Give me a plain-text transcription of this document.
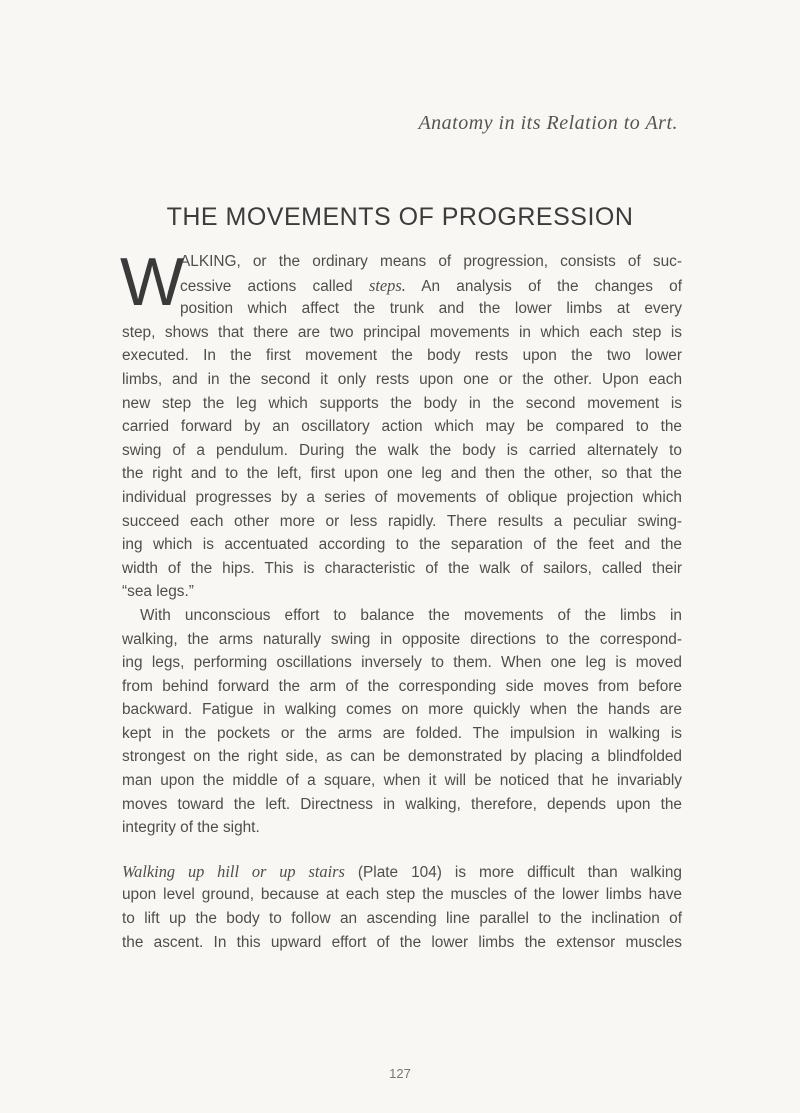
Anatomy in its Relation to Art.
THE MOVEMENTS OF PROGRESSION
W
ALKING, or the ordinary means of progression, consists of suc-
cessive actions called steps. An analysis of the changes of
position which affect the trunk and the lower limbs at every
step, shows that there are two principal movements in which each step is
executed. In the first movement the body rests upon the two lower
limbs, and in the second it only rests upon one or the other. Upon each
new step the leg which supports the body in the second movement is
carried forward by an oscillatory action which may be compared to the
swing of a pendulum. During the walk the body is carried alternately to
the right and to the left, first upon one leg and then the other, so that the
individual progresses by a series of movements of oblique projection which
succeed each other more or less rapidly. There results a peculiar swing-
ing which is accentuated according to the separation of the feet and the
width of the hips. This is characteristic of the walk of sailors, called their
“sea legs.”
With unconscious effort to balance the movements of the limbs in
walking, the arms naturally swing in opposite directions to the correspond-
ing legs, performing oscillations inversely to them. When one leg is moved
from behind forward the arm of the corresponding side moves from before
backward. Fatigue in walking comes on more quickly when the hands are
kept in the pockets or the arms are folded. The impulsion in walking is
strongest on the right side, as can be demonstrated by placing a blindfolded
man upon the middle of a square, when it will be noticed that he invariably
moves toward the left. Directness in walking, therefore, depends upon the
integrity of the sight.
Walking up hill or up stairs (Plate 104) is more difficult than walking
upon level ground, because at each step the muscles of the lower limbs have
to lift up the body to follow an ascending line parallel to the inclination of
the ascent. In this upward effort of the lower limbs the extensor muscles
127
